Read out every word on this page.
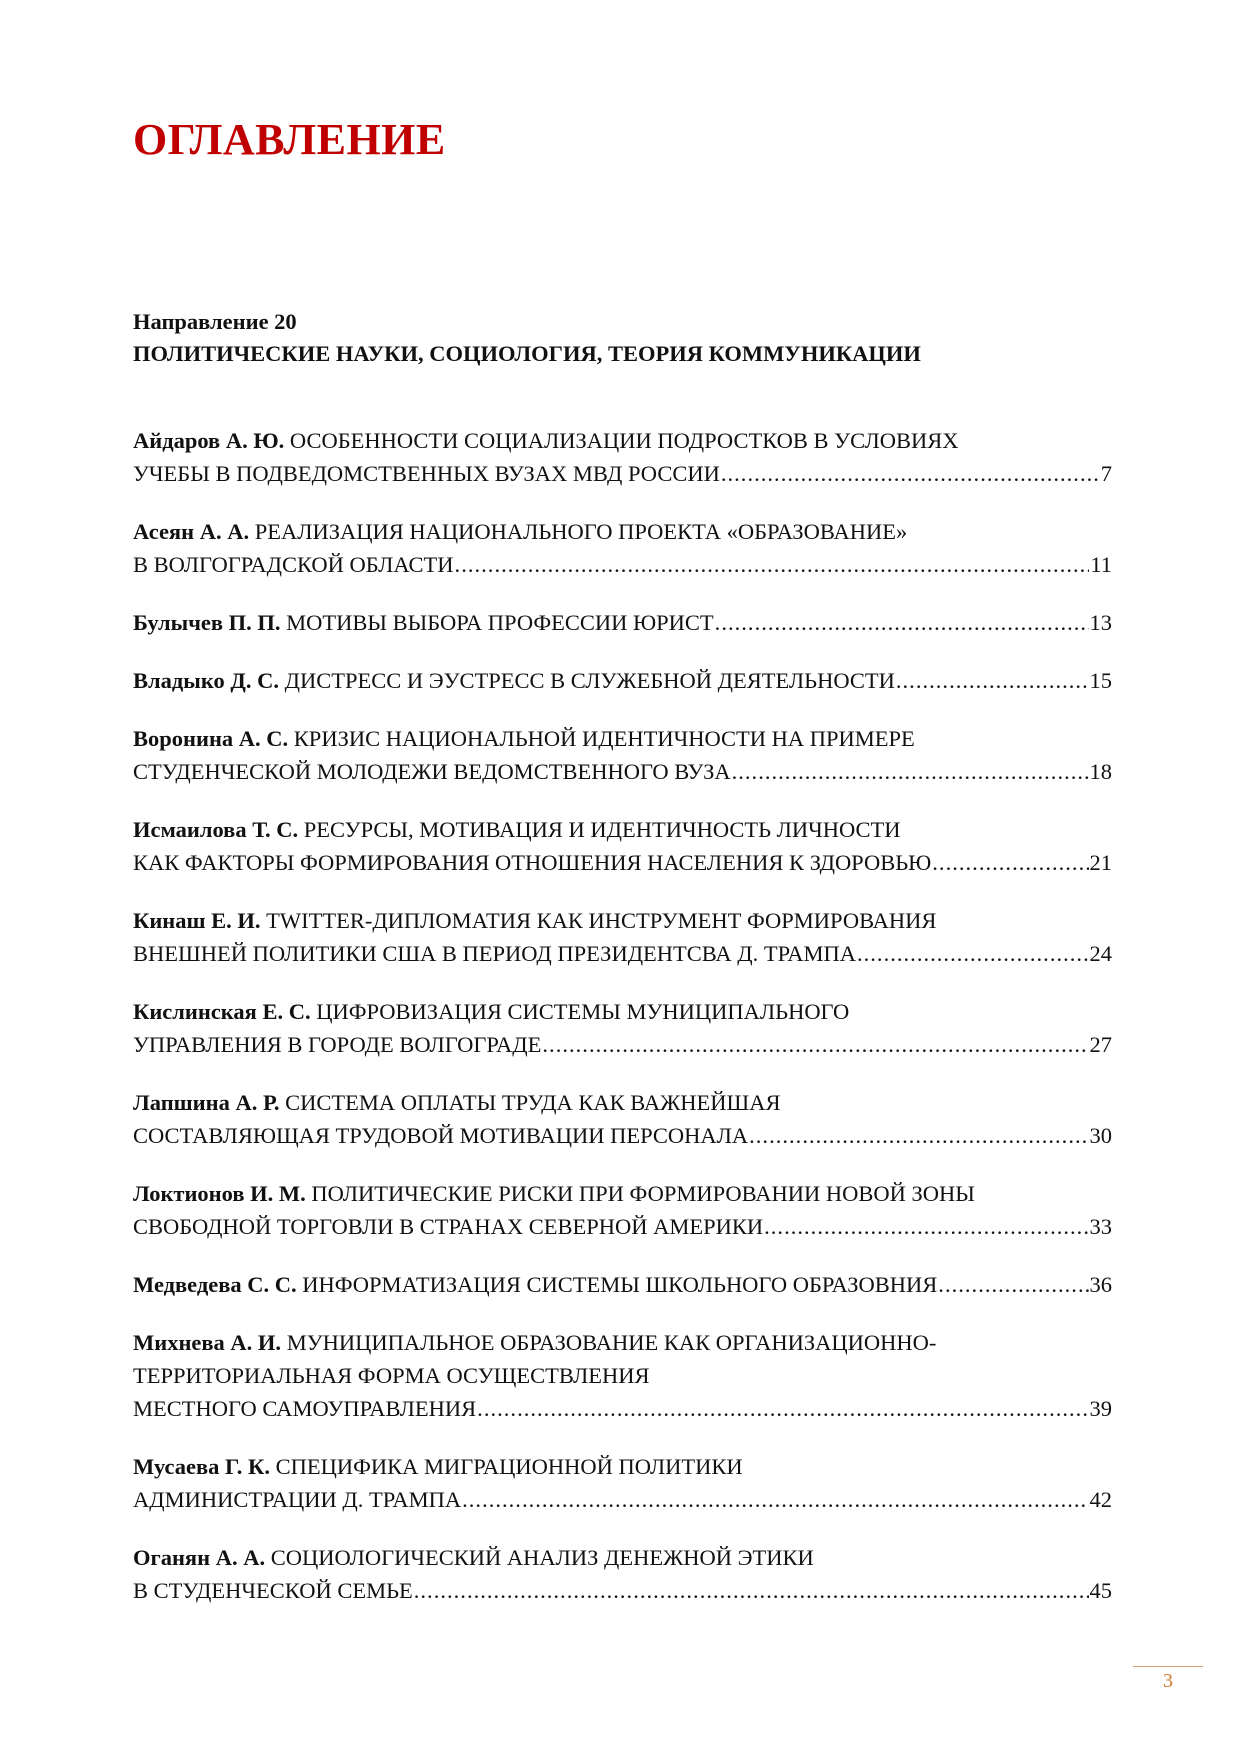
ОГЛАВЛЕНИЕ
Направление 20
ПОЛИТИЧЕСКИЕ НАУКИ, СОЦИОЛОГИЯ, ТЕОРИЯ КОММУНИКАЦИИ
Айдаров А. Ю. ОСОБЕННОСТИ СОЦИАЛИЗАЦИИ ПОДРОСТКОВ В УСЛОВИЯХ
УЧЕБЫ В ПОДВЕДОМСТВЕННЫХ ВУЗАХ МВД РОССИИ . . .	7
Асеян А. А. РЕАЛИЗАЦИЯ НАЦИОНАЛЬНОГО ПРОЕКТА «ОБРАЗОВАНИЕ»
В ВОЛГОГРАДСКОЙ ОБЛАСТИ . . .	11
Булычев П. П. МОТИВЫ ВЫБОРА ПРОФЕССИИ ЮРИСТ . . .	13
Владыко Д. С. ДИСТРЕСС И ЭУСТРЕСС В СЛУЖЕБНОЙ ДЕЯТЕЛЬНОСТИ . . .	15
Воронина А. С. КРИЗИС НАЦИОНАЛЬНОЙ ИДЕНТИЧНОСТИ НА ПРИМЕРЕ
СТУДЕНЧЕСКОЙ МОЛОДЕЖИ ВЕДОМСТВЕННОГО ВУЗА . . .	18
Исмаилова Т. С. РЕСУРСЫ, МОТИВАЦИЯ И ИДЕНТИЧНОСТЬ ЛИЧНОСТИ
КАК ФАКТОРЫ ФОРМИРОВАНИЯ ОТНОШЕНИЯ НАСЕЛЕНИЯ К ЗДОРОВЬЮ . . .	21
Кинаш Е. И. TWITTER-ДИПЛОМАТИЯ КАК ИНСТРУМЕНТ ФОРМИРОВАНИЯ
ВНЕШНЕЙ ПОЛИТИКИ США В ПЕРИОД ПРЕЗИДЕНТСВА Д. ТРАМПА . . .	24
Кислинская Е. С. ЦИФРОВИЗАЦИЯ СИСТЕМЫ МУНИЦИПАЛЬНОГО
УПРАВЛЕНИЯ В ГОРОДЕ ВОЛГОГРАДЕ . . .	27
Лапшина А. Р. СИСТЕМА ОПЛАТЫ ТРУДА КАК ВАЖНЕЙШАЯ
СОСТАВЛЯЮЩАЯ ТРУДОВОЙ МОТИВАЦИИ ПЕРСОНАЛА . . .	30
Локтионов И. М. ПОЛИТИЧЕСКИЕ РИСКИ ПРИ ФОРМИРОВАНИИ НОВОЙ ЗОНЫ
СВОБОДНОЙ ТОРГОВЛИ В СТРАНАХ СЕВЕРНОЙ АМЕРИКИ . . .	33
Медведева С. С. ИНФОРМАТИЗАЦИЯ СИСТЕМЫ ШКОЛЬНОГО ОБРАЗОВНИЯ . . .	36
Михнева А. И. МУНИЦИПАЛЬНОЕ ОБРАЗОВАНИЕ КАК ОРГАНИЗАЦИОННО-
ТЕРРИТОРИАЛЬНАЯ ФОРМА ОСУЩЕСТВЛЕНИЯ
МЕСТНОГО САМОУПРАВЛЕНИЯ . . .	39
Мусаева Г. К. СПЕЦИФИКА МИГРАЦИОННОЙ ПОЛИТИКИ
АДМИНИСТРАЦИИ Д. ТРАМПА . . .	42
Оганян А. А. СОЦИОЛОГИЧЕСКИЙ АНАЛИЗ ДЕНЕЖНОЙ ЭТИКИ
В СТУДЕНЧЕСКОЙ СЕМЬЕ . . .	45
3
